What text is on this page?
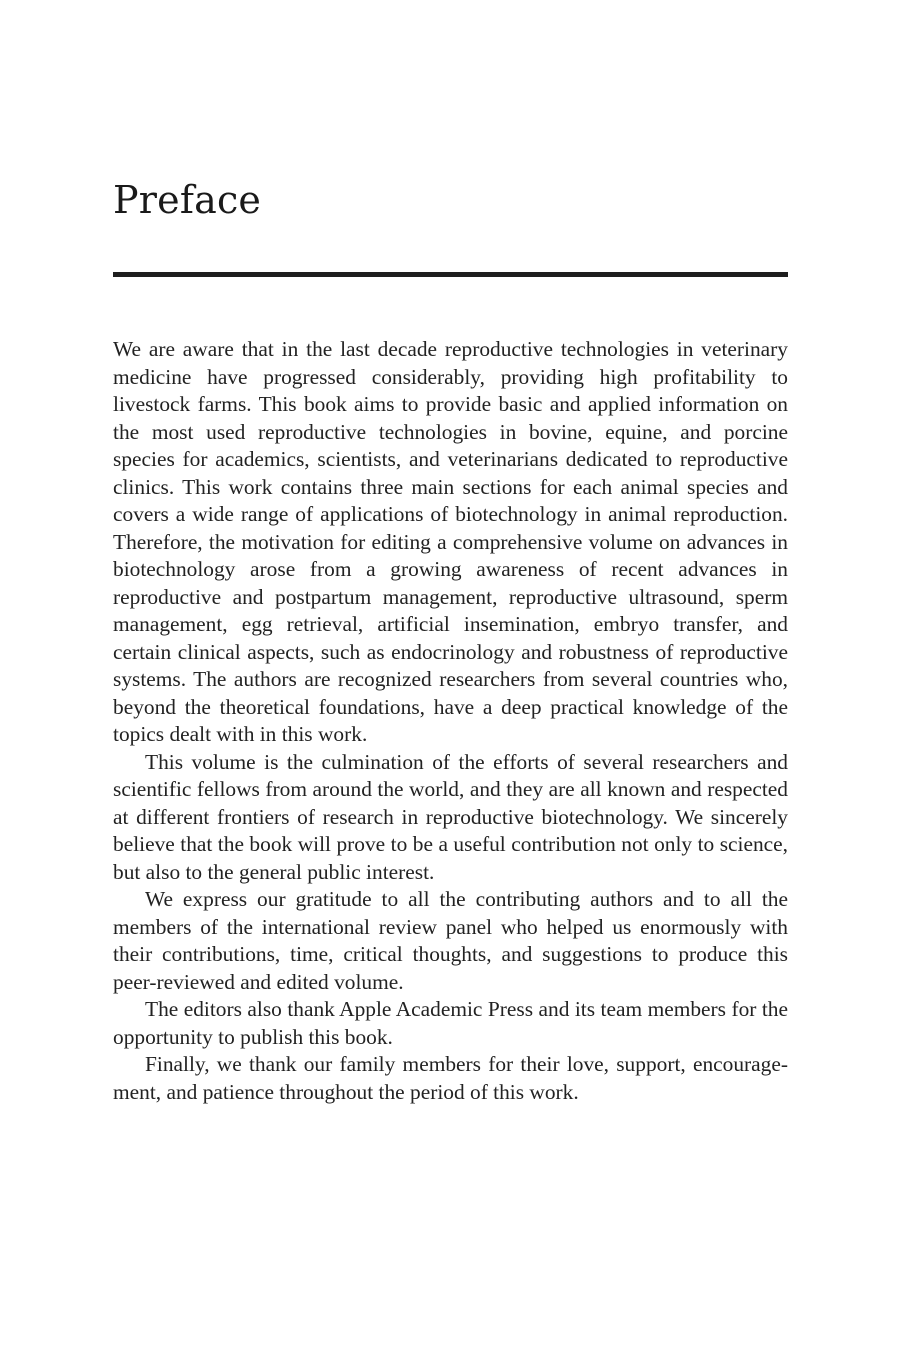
Preface

We are aware that in the last decade reproductive technologies in veterinary medicine have progressed considerably, providing high profitability to livestock farms. This book aims to provide basic and applied information on the most used reproductive technologies in bovine, equine, and porcine species for academics, scientists, and veterinarians dedicated to reproductive clinics. This work contains three main sections for each animal species and covers a wide range of applications of biotechnology in animal reproduction. Therefore, the motivation for editing a comprehensive volume on advances in biotechnology arose from a growing awareness of recent advances in reproductive and postpartum management, reproductive ultrasound, sperm management, egg retrieval, artificial insemination, embryo transfer, and certain clinical aspects, such as endocrinology and robustness of reproductive systems. The authors are recognized researchers from several countries who, beyond the theoretical foundations, have a deep practical knowledge of the topics dealt with in this work.

This volume is the culmination of the efforts of several researchers and scientific fellows from around the world, and they are all known and respected at different frontiers of research in reproductive biotechnology. We sincerely believe that the book will prove to be a useful contribution not only to science, but also to the general public interest.

We express our gratitude to all the contributing authors and to all the members of the international review panel who helped us enormously with their contributions, time, critical thoughts, and suggestions to produce this peer-reviewed and edited volume.

The editors also thank Apple Academic Press and its team members for the opportunity to publish this book.

Finally, we thank our family members for their love, support, encouragement, and patience throughout the period of this work.
